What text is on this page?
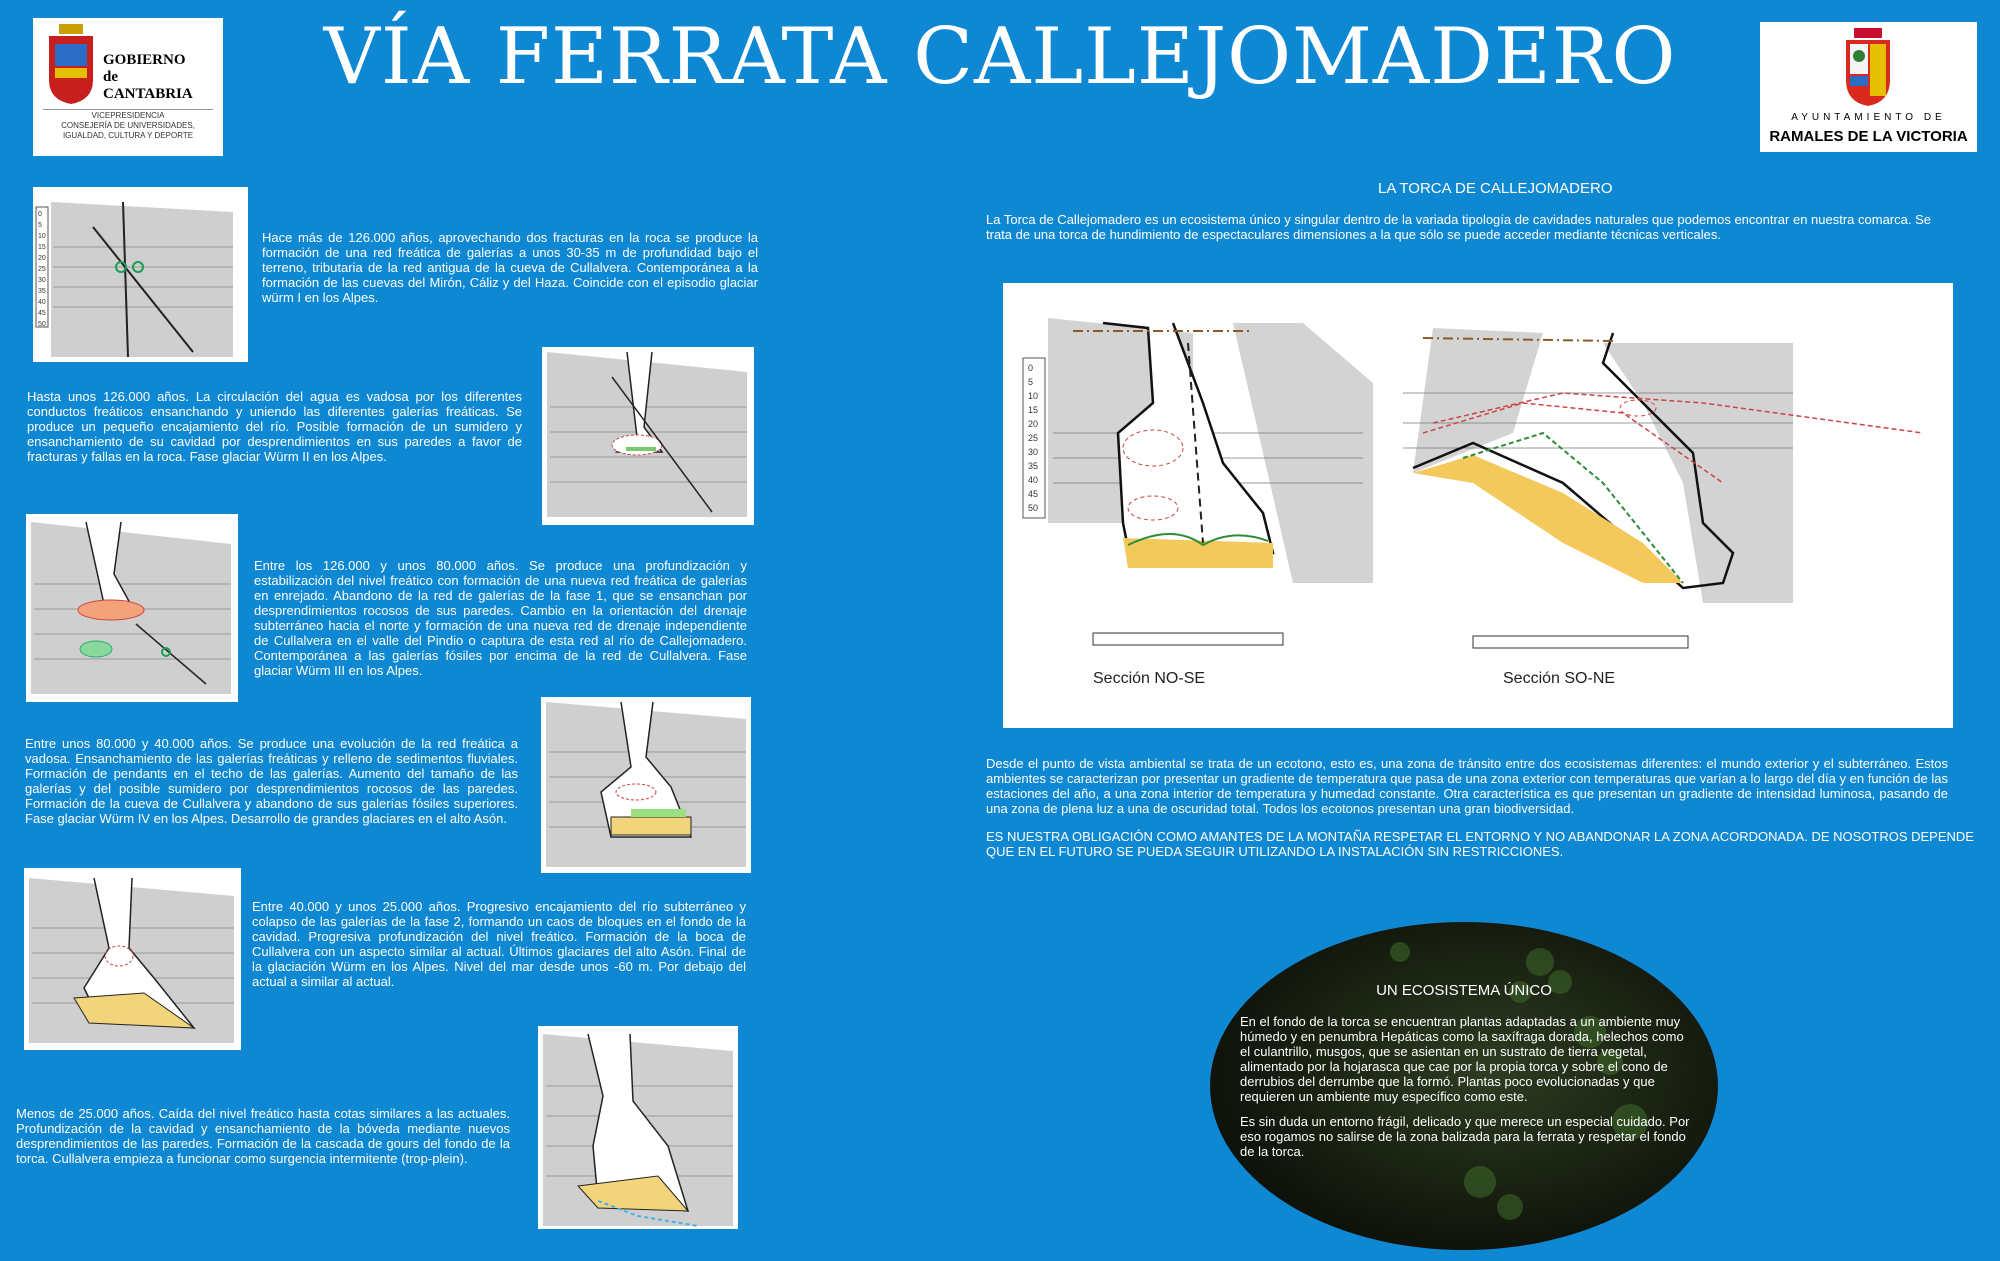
VÍA FERRATA CALLEJOMADERO
GOBIERNO
de
CANTABRIA
VICEPRESIDENCIA
CONSEJERÍA DE UNIVERSIDADES,
IGUALDAD, CULTURA Y DEPORTE
AYUNTAMIENTO DE
RAMALES DE LA VICTORIA
0
5
10
15
20
25
30
35
40
45
50
Hace más de 126.000 años, aprovechando dos fracturas en la roca se produce la formación de una red freática de galerías a unos 30-35 m de profundidad bajo el terreno, tributaria de la red antigua de la cueva de Cullalvera. Contemporánea a la formación de las cuevas del Mirón, Cáliz y del Haza. Coincide con el episodio glaciar würm I en los Alpes.
Hasta unos 126.000 años. La circulación del agua es vadosa por los diferentes conductos freáticos ensanchando y uniendo las diferentes galerías freáticas. Se produce un pequeño encajamiento del río. Posible formación de un sumidero y ensanchamiento de su cavidad por desprendimientos en sus paredes a favor de fracturas y fallas en la roca. Fase glaciar Würm II en los Alpes.
Entre los 126.000 y unos 80.000 años. Se produce una profundización y estabilización del nivel freático con formación de una nueva red freática de galerías en enrejado. Abandono de la red de galerías de la fase 1, que se ensanchan por desprendimientos rocosos de sus paredes. Cambio en la orientación del drenaje subterráneo hacia el norte y formación de una nueva red de drenaje independiente de Cullalvera en el valle del Pindio o captura de esta red al río de Callejomadero. Contemporánea a las galerías fósiles por encima de la red de Cullalvera. Fase glaciar Würm III en los Alpes.
Entre unos 80.000 y 40.000 años. Se produce una evolución de la red freática a vadosa. Ensanchamiento de las galerías freáticas y relleno de sedimentos fluviales. Formación de pendants en el techo de las galerías. Aumento del tamaño de las galerías y del posible sumidero por desprendimientos rocosos de las paredes. Formación de la cueva de Cullalvera y abandono de sus galerías fósiles superiores. Fase glaciar Würm IV en los Alpes. Desarrollo de grandes glaciares en el alto Asón.
Entre 40.000 y unos 25.000 años. Progresivo encajamiento del río subterráneo y colapso de las galerías de la fase 2, formando un caos de bloques en el fondo de la cavidad. Progresiva profundización del nivel freático. Formación de la boca de Cullalvera con un aspecto similar al actual. Últimos glaciares del alto Asón. Final de la glaciación Würm en los Alpes. Nivel del mar desde unos -60 m. Por debajo del actual a similar al actual.
Menos de 25.000 años. Caída del nivel freático hasta cotas similares a las actuales. Profundización de la cavidad y ensanchamiento de la bóveda mediante nuevos desprendimientos de las paredes. Formación de la cascada de gours del fondo de la torca. Cullalvera empieza a funcionar como surgencia intermitente (trop-plein).
LA TORCA DE CALLEJOMADERO
La Torca de Callejomadero es un ecosistema único y singular dentro de la variada tipología de cavidades naturales que podemos encontrar en nuestra comarca. Se trata de una torca de hundimiento de espectaculares dimensiones a la que sólo se puede acceder mediante técnicas verticales.
0
5
10
15
20
25
30
35
40
45
50
Sección NO-SE	Sección SO-NE
Desde el punto de vista ambiental se trata de un ecotono, esto es, una zona de tránsito entre dos ecosistemas diferentes: el mundo exterior y el subterráneo. Estos ambientes se caracterizan por presentar un gradiente de temperatura que pasa de una zona exterior con temperaturas que varían a lo largo del día y en función de las estaciones del año, a una zona interior de temperatura y humedad constante. Otra característica es que presentan un gradiente de intensidad luminosa, pasando de una zona de plena luz a una de oscuridad total. Todos los ecotonos presentan una gran biodiversidad.
ES NUESTRA OBLIGACIÓN COMO AMANTES DE LA MONTAÑA RESPETAR EL ENTORNO Y NO ABANDONAR LA ZONA ACORDONADA. DE NOSOTROS DEPENDE QUE EN EL FUTURO SE PUEDA SEGUIR UTILIZANDO LA INSTALACIÓN SIN RESTRICCIONES.
UN ECOSISTEMA ÚNICO
En el fondo de la torca se encuentran plantas adaptadas a un ambiente muy húmedo y en penumbra Hepáticas como la saxífraga dorada, helechos como el culantrillo, musgos, que se asientan en un sustrato de tierra vegetal, alimentado por la hojarasca que cae por la propia torca y sobre el cono de derrubios del derrumbe que la formó. Plantas poco evolucionadas y que requieren un ambiente muy específico como este.
Es sin duda un entorno frágil, delicado y que merece un especial cuidado. Por eso rogamos no salirse de la zona balizada para la ferrata y respetar el fondo de la torca.
